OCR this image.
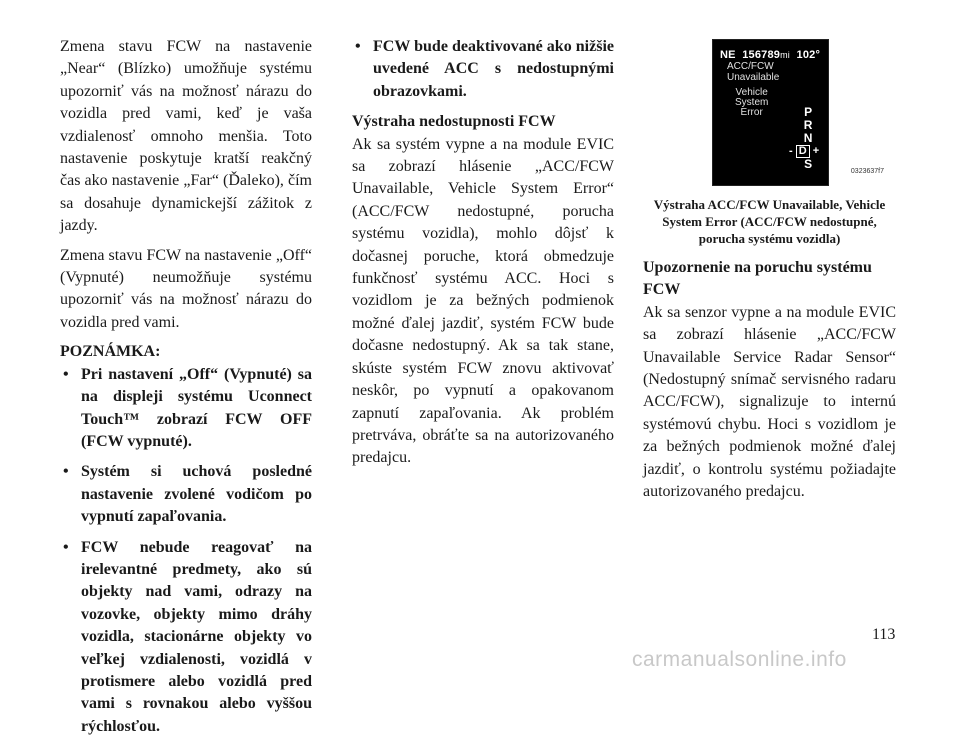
Zmena stavu FCW na nastavenie „Near“ (Blízko) umožňuje systému upozorniť vás na možnosť nárazu do vozidla pred vami, keď je vaša vzdialenosť omnoho menšia. Toto nastavenie poskytuje kratší reakčný čas ako nastavenie „Far“ (Ďaleko), čím sa dosahuje dynamickejší zážitok z jazdy.

Zmena stavu FCW na nastavenie „Off“ (Vypnuté) neumožňuje systému upozorniť vás na možnosť nárazu do vozidla pred vami.

POZNÁMKA:

• Pri nastavení „Off“ (Vypnuté) sa na displeji systému Uconnect Touch™ zobrazí FCW OFF (FCW vypnuté).
• Systém si uchová posledné nastavenie zvolené vodičom po vypnutí zapaľovania.
• FCW nebude reagovať na irelevantné predmety, ako sú objekty nad vami, odrazy na vozovke, objekty mimo dráhy vozidla, stacionárne objekty vo veľkej vzdialenosti, vozidlá v protismere alebo vozidlá pred vami s rovnakou alebo vyššou rýchlosťou.
• FCW bude deaktivované ako nižšie uvedené ACC s nedostupnými obrazovkami.

Výstraha nedostupnosti FCW

Ak sa systém vypne a na module EVIC sa zobrazí hlásenie „ACC/FCW Unavailable, Vehicle System Error“ (ACC/FCW nedostupné, porucha systému vozidla), mohlo dôjsť k dočasnej poruche, ktorá obmedzuje funkčnosť systému ACC. Hoci s vozidlom je za bežných podmienok možné ďalej jazdiť, systém FCW bude dočasne nedostupný. Ak sa tak stane, skúste systém FCW znovu aktivovať neskôr, po vypnutí a opakovanom zapnutí zapaľovania. Ak problém pretrváva, obráťte sa na autorizovaného predajcu.

NE 156789mi 102°
ACC/FCW
Unavailable
Vehicle
System
Error	P
R
N
- D +
S
0323637f7

Výstraha ACC/FCW Unavailable, Vehicle System Error (ACC/FCW nedostupné, porucha systému vozidla)

Upozornenie na poruchu systému FCW

Ak sa senzor vypne a na module EVIC sa zobrazí hlásenie „ACC/FCW Unavailable Service Radar Sensor“ (Nedostupný snímač servisného radaru ACC/FCW), signalizuje to internú systémovú chybu. Hoci s vozidlom je za bežných podmienok možné ďalej jazdiť, o kontrolu systému požiadajte autorizovaného predajcu.

113
carmanualsonline.info
